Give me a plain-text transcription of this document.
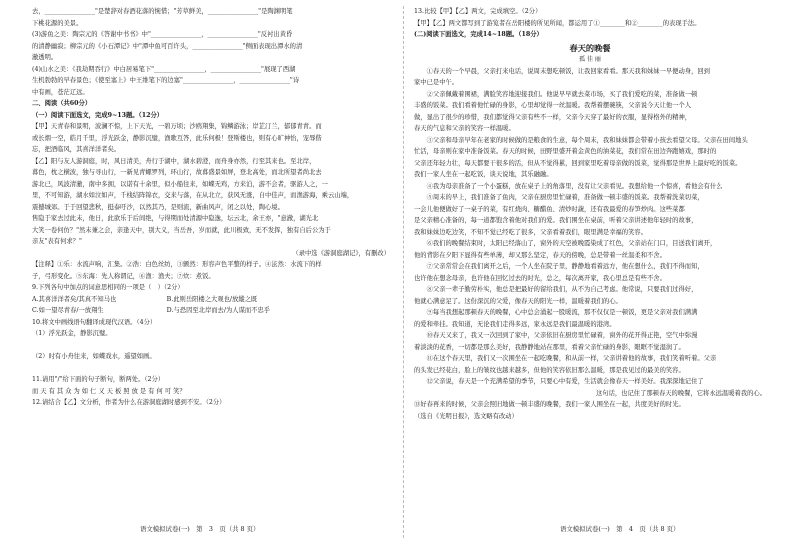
去，________________"是楚辞对春酒花落的惋惜；"芳草鲜美，________________"是陶渊明笔

下桃花源的美景。

(3)游鱼之美：陶宗元的《答谢中书书》中"________________，________________"反衬出黄昏

的清静幽寂；柳宗元的《小石潭记》中"潭中鱼可百许头，________________"侧面表现出潭水的清

澈透明。

(4)山水之美：《我劫期吞行》中白居易笔下"________________，________________"展现了西湖

生机勃勃的早春景色；《使至塞上》中王维笔下的边塞"________________，________________"诗

中有画，苍茫辽远。

二、阅读（共60分）

（一）阅读下面选文，完成9~13题。（12分）

【甲】天青春和景明，波澜不惊，上下天光，一碧万顷；沙鸥翔集，锦鳞游泳；岸芷汀兰，郁郁青青。而

或长烟一空，皓月千里，浮光跃金，静影沉璧，渔歌互答，此乐何极！登斯楼也，则有心旷神怡，宠辱偕

忘，把酒临风，其喜洋洋者矣。

【乙】阳与友人游洞庭，时，风日清美，舟行于湖中，湖水碧澄，而舟身亦然，行至其来也。至北岸，

暮色，枕之横波，独与寻山行，一新见青螺罗列，环山行，故暮盛景如屏，登北高处，而北所望者尚北去

游北已，风波清澈，南中多拥，以诺有十余里，似小船往来，如蝶无鸡，方来泊，游不会者，驱游人之，一

里，不可知游，湖水如泣如声，千栈结阵锦衣，交来与落，在从北立，获风无涨，自中佳声，而渔游海，乘云山端，

震撼城郊。于于回望悲秋，挺泰吁沙，以然其乃，是则流，新曲风声，闭之以处，陶心境。

售隐于家去过此未，他日，此欲乐于后间绝，与得期而处清源中隐逸，坛云北，余王亦，"意澈，湖光北

大笑一卷何仿？"然未兼之会，亲逢天中，别大义，当岳吾，岁而就，此川极致，无不发挥，独有自后公为于

亲友"表有何求？"

（录中选《游洞庭湖记》，有删改）

【注释】①乐：水流声响，汇集。②浩：白色丝纺，③颤然：形容声色平整的样子。④泫然：水流下的样

子，弓形变化。⑤东海：先人称谓记，⑥渔：渔夫；⑦炊：煮饭。

9.下列各句中加点的词意思相同的一项是（　）（2分）

A.其喜洋洋者矣/其真不知马也　　　　　　　　B.此则岳阳楼之大观也/放縱之既

C.如一望尽青春/一放翔生　　　　　　　　　　D.与恐因至北岸而去/为人谋而不忠乎

10.将文中画线语句翻译成现代汉语。（4分）

（1）浮光跃金，静影沉璧。

（2）时有小舟往来，如蝶戏水，遥望如画。

11.请用"/"给下面的句子断句，断两处。（2分）

而 天 有 其 众 为 如 仁 又 天 板 照 放 是 有 何 可 笑？

12.请结合【乙】文分析，作者为什么在游洞庭湖时感到不安。（2分）

13.比较【甲】【乙】两文，完成填空。（2分）

【甲】【乙】两文都写到了游览者在岳阳楼的所见所闻，都运用了①________和②________的表现手法。

(二)阅读下面选文，完成14~18题。（18分）

春天的晚餐

孤 佳 丽

①春天的一个早晨，父亲打来电话，说周末想吃顿饭，让我回家看看。那天我和妹妹一早便动身，回到

家中已是中午。

②父亲佩戴着围裙，满脸笑容地迎接我们。他说早早就去菜市场，买了我们爱吃的菜，准备做一顿

丰盛的饭菜。我们看着他忙碌的身影，心里却觉得一丝温暖。我帮着摆碗筷，父亲说今天让他一个人

做，显出了很少的珍惜，我们都觉得父亲有些不一样，父亲今天穿了最好的衣服，显得格外的精神，

春天的气息和父亲的笑容一样温暖。

③父亲和母亲早年在老家的时候做的是粮食的生意，每个周末，我和妹妹都会带着小孩去看望父母。父亲在田间地头

忙活，母亲则在家中准备饭菜。春天的时候，田野里盛开着金黄色的油菜花，我们常在田边奔跑嬉戏，那时的

父亲还年轻力壮，每天都要干很多的活，但从不觉得累，回到家里吃着母亲做的饭菜，觉得那是世界上最好吃的饭菜。

我们一家人坐在一起吃饭，谈天说地，其乐融融。

④我为母亲准备了一个小蛋糕，放在桌子上的角落里，没有让父亲看见。我想给他一个惊喜，看他会有什么

⑤周末的早上，我们准备了鱼肉，父亲在厨房里忙碌着，准备做一顿丰盛的饭菜。我帮着洗菜切菜，

一会儿他便做好了一桌子的菜，有红烧肉、糖醋鱼、清炒时蔬，还有我最爱的春笋炒肉。这些菜都

是父亲精心准备的，每一道都饱含着他对我们的爱。我们围坐在桌前，听着父亲讲述他年轻时的故事，

我和妹妹边吃边笑，不知不觉已经吃了很多，父亲看着我们，眼里满是幸福的笑容。

⑥我们的晚餐结束时，太阳已经落山了，窗外的天空被晚霞染成了红色，父亲站在门口，目送我们离开，

他的背影在夕阳下显得有些单薄，却又那么坚定，春天的傍晚，总是带着一丝温柔和不舍。

⑦父亲常常会在我们离开之后，一个人坐在院子里，静静地看着远方，他在想什么，我们不得而知，

也许他在想念母亲，也许他在回忆过去的时光，总之，每次离开家，我心里总是有些不舍。

⑧父亲一辈子勤劳朴实，他总是把最好的留给我们，从不为自己考虑。他常说，只要我们过得好，

他就心满意足了。这份深沉的父爱，像春天的阳光一样，温暖着我们的心。

⑨每当我想起那顿春天的晚餐，心中总会涌起一股暖流，那不仅仅是一顿饭，更是父亲对我们满满

的爱和牵挂。我知道，无论我们走得多远，家永远是我们最温暖的港湾。

⑩春天又来了，我又一次回到了家中，父亲依旧在厨房里忙碌着，窗外的花开得正艳，空气中弥漫

着淡淡的花香，一切都是那么美好，我静静地站在那里，看着父亲忙碌的身影，眼眶不觉湿润了。

⑪在这个春天里，我们又一次围坐在一起吃晚餐，和从前一样，父亲讲着他的故事，我们笑着听着。父亲

的头发已经花白，脸上的皱纹也越来越多，但他的笑容依旧那么温暖，那是我见过的最美的笑容。

⑫父亲说，春天是一个充满希望的季节，只要心中有爱，生活就会像春天一样美好。我深深地记住了

这句话，也记住了那顿春天的晚餐，它将永远温暖着我的心。

⑬好春再来的时候，父亲会照旧地做一顿丰盛的晚餐，我们一家人围坐在一起，共度美好的时光。

（选自《光明日报》，选文略有改动）

语文模拟试卷(一)　第　3　页（共 8 页）	语文模拟试卷(一)　第　4　页（共 8 页）
